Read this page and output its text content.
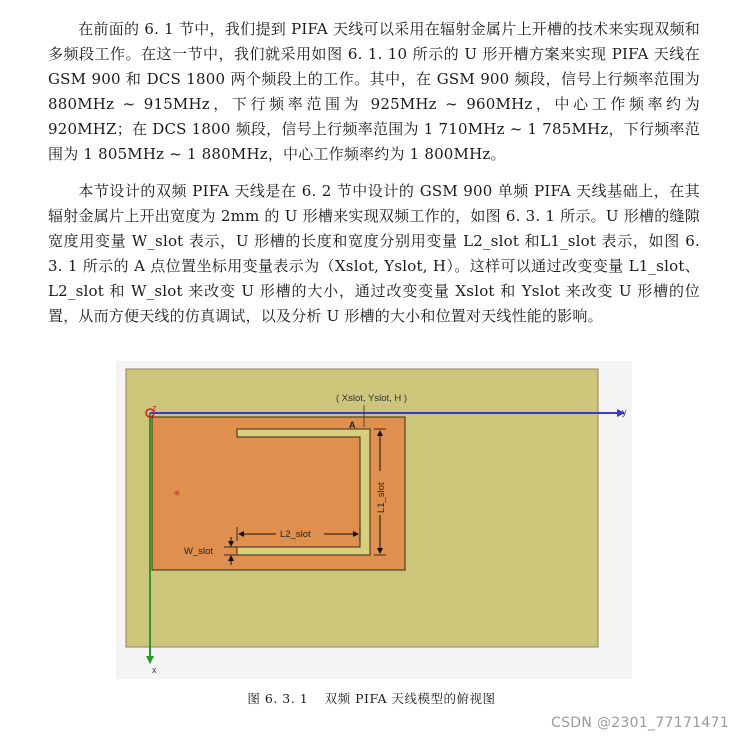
在前面的 6. 1 节中，我们提到 PIFA 天线可以采用在辐射金属片上开槽的技术来实现双频和多频段工作。在这一节中，我们就采用如图 6. 1. 10 所示的 U 形开槽方案来实现 PIFA 天线在 GSM 900 和 DCS 1800 两个频段上的工作。其中，在 GSM 900 频段，信号上行频率范围为 880MHz ~ 915MHz，下行频率范围为 925MHz ~ 960MHz，中心工作频率约为920MHZ；在 DCS 1800 频段，信号上行频率范围为 1 710MHz ~ 1 785MHz，下行频率范围为 1 805MHz ~ 1 880MHz，中心工作频率约为 1 800MHz。

本节设计的双频 PIFA 天线是在 6. 2 节中设计的 GSM 900 单频 PIFA 天线基础上，在其辐射金属片上开出宽度为 2mm 的 U 形槽来实现双频工作的，如图 6. 3. 1 所示。U 形槽的缝隙宽度用变量 W_slot 表示，U 形槽的长度和宽度分别用变量 L2_slot 和L1_slot 表示，如图 6. 3. 1 所示的 A 点位置坐标用变量表示为（Xslot, Yslot, H）。这样可以通过改变变量 L1_slot、L2_slot 和 W_slot 来改变 U 形槽的大小，通过改变变量 Xslot 和 Yslot 来改变 U 形槽的位置，从而方便天线的仿真调试，以及分析 U 形槽的大小和位置对天线性能的影响。

y
x
z
( Xslot, Yslot, H )
A
L1_slot
L2_slot
W_slot
图 6. 3. 1 双频 PIFA 天线模型的俯视图
CSDN @2301_77171471
